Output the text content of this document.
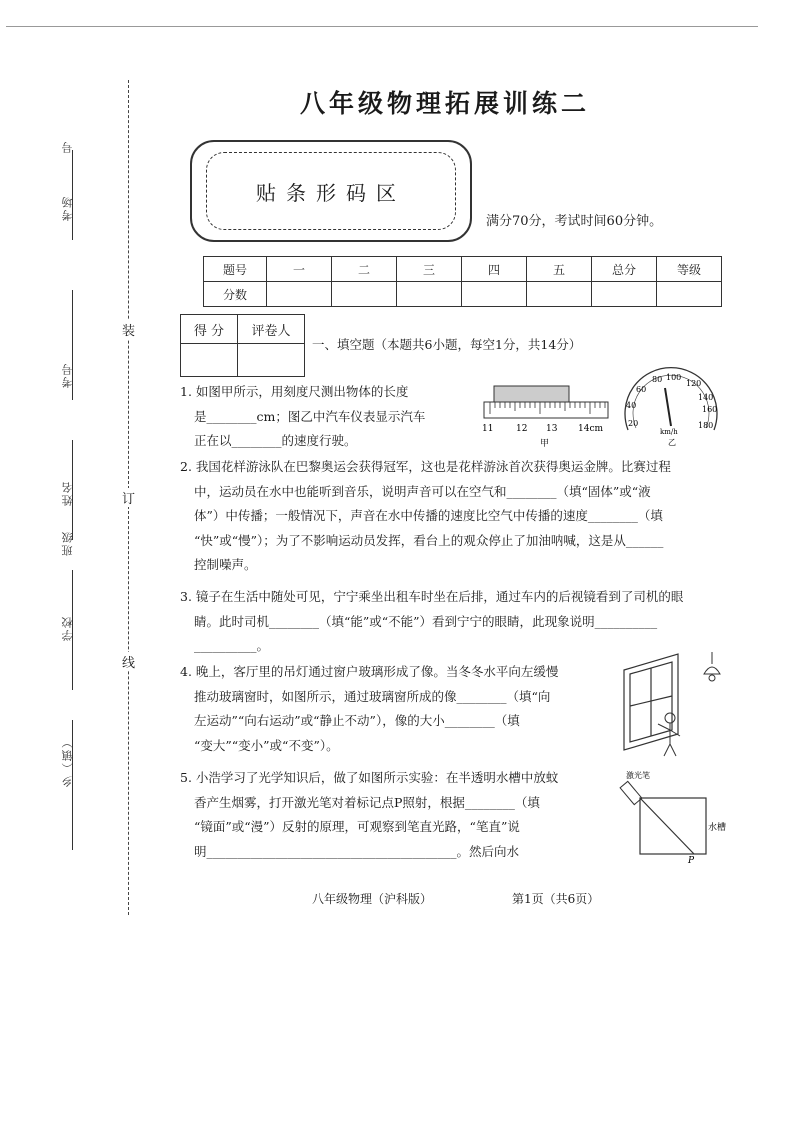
装
订
线
考场
号
考号
姓名
班级
学校
乡（镇）
八年级物理拓展训练二
贴条形码区
满分70分，考试时间60分钟。
题号	一	二	三	四	五	总分	等级
分数							
得 分	评卷人

一、填空题（本题共6小题，每空1分，共14分）
1. 如图甲所示，用刻度尺测出物体的长度
是________cm；图乙中汽车仪表显示汽车
正在以________的速度行驶。
11	12 13 14cm
甲
20
40
60
80 100
120
140
160
180
km/h
乙
2. 我国花样游泳队在巴黎奥运会获得冠军，这也是花样游泳首次获得奥运金牌。比赛过程
中，运动员在水中也能听到音乐，说明声音可以在空气和________（填“固体”或“液
体”）中传播；一般情况下，声音在水中传播的速度比空气中传播的速度________（填
“快”或“慢”）；为了不影响运动员发挥，看台上的观众停止了加油呐喊，这是从______
控制噪声。
3. 镜子在生活中随处可见，宁宁乘坐出租车时坐在后排，通过车内的后视镜看到了司机的眼
睛。此时司机________（填“能”或“不能”）看到宁宁的眼睛，此现象说明__________
__________。
4. 晚上，客厅里的吊灯通过窗户玻璃形成了像。当冬冬水平向左缓慢
推动玻璃窗时，如图所示，通过玻璃窗所成的像________（填“向
左运动”“向右运动”或“静止不动”），像的大小________（填
“变大”“变小”或“不变”）。
5. 小浩学习了光学知识后，做了如图所示实验：在半透明水槽中放蚊
香产生烟雾，打开激光笔对着标记点P照射，根据________（填
“镜面”或“漫”）反射的原理，可观察到笔直光路，“笔直”说
明________________________________________。然后向水
激光笔
水槽
P
八年级物理（沪科版）	第1页（共6页）
